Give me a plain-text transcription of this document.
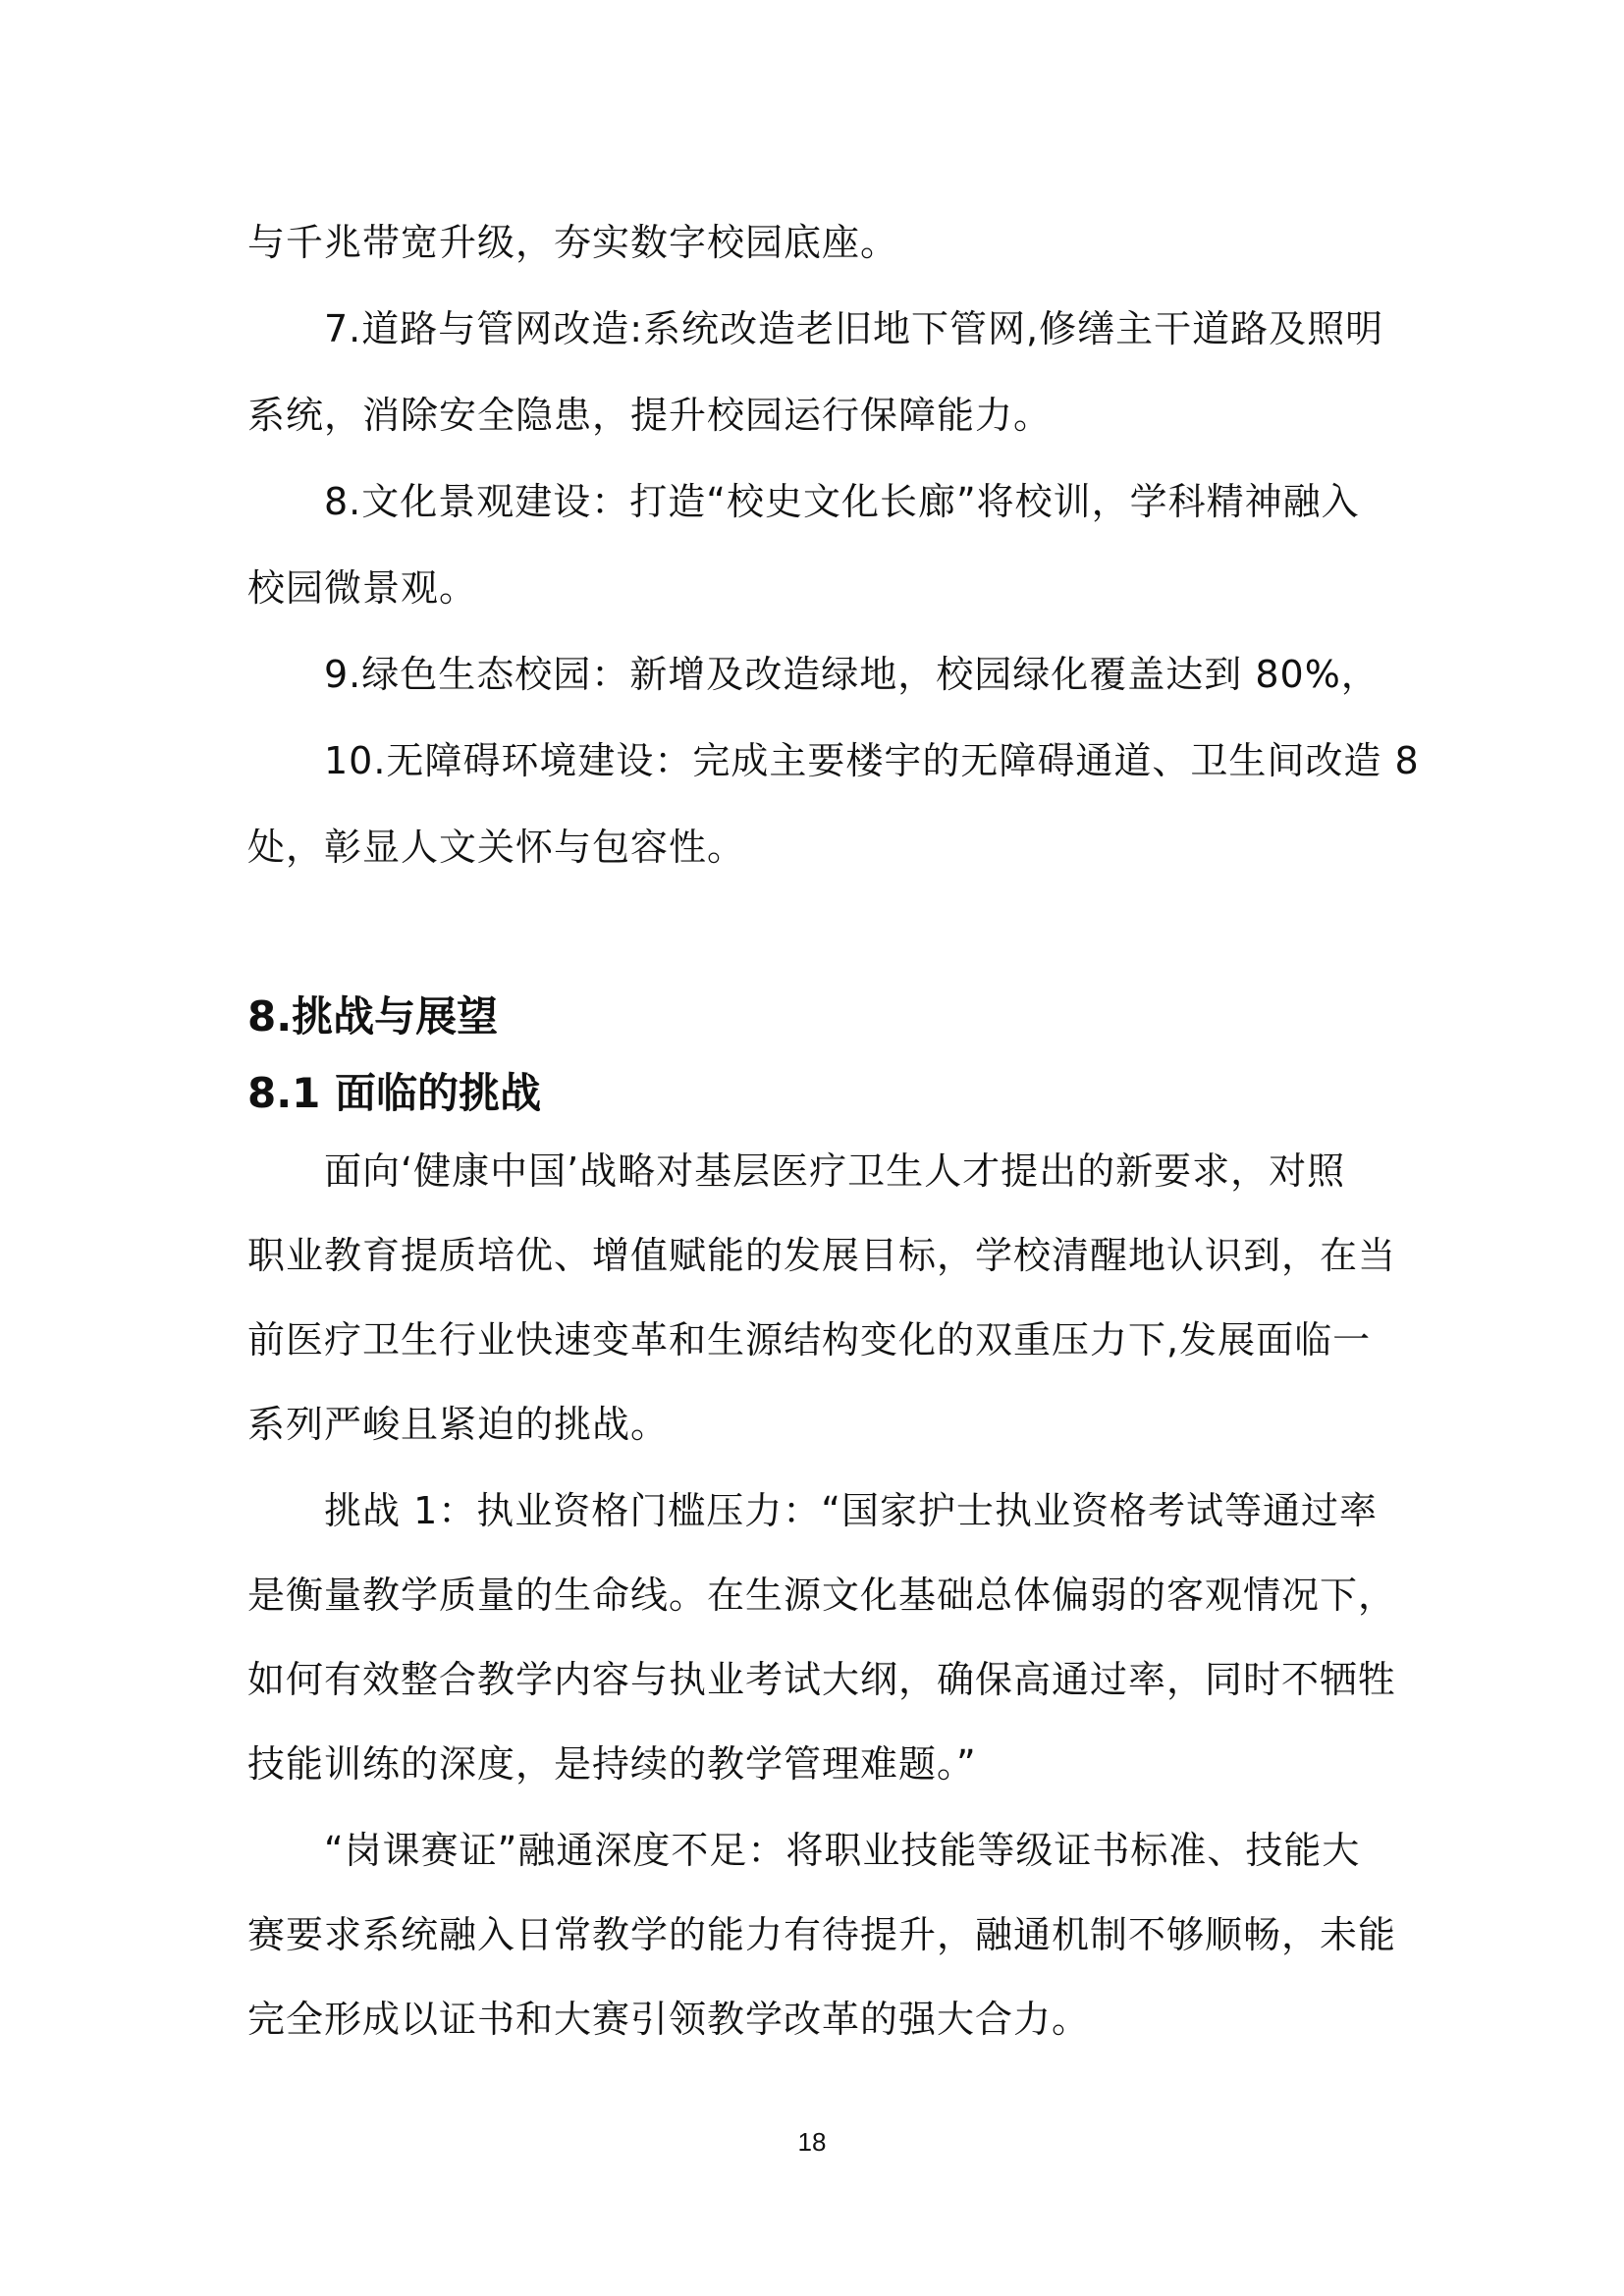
与千兆带宽升级，夯实数字校园底座。
7.道路与管网改造:系统改造老旧地下管网,修缮主干道路及照明
系统，消除安全隐患，提升校园运行保障能力。
8.文化景观建设：打造“校史文化长廊”将校训，学科精神融入
校园微景观。
9.绿色生态校园：新增及改造绿地，校园绿化覆盖达到 80%，
10.无障碍环境建设：完成主要楼宇的无障碍通道、卫生间改造 8
处，彰显人文关怀与包容性。
8.挑战与展望
8.1 面临的挑战
面向‘健康中国’战略对基层医疗卫生人才提出的新要求，对照
职业教育提质培优、增值赋能的发展目标，学校清醒地认识到，在当
前医疗卫生行业快速变革和生源结构变化的双重压力下,发展面临一
系列严峻且紧迫的挑战。
挑战 1：执业资格门槛压力：“国家护士执业资格考试等通过率
是衡量教学质量的生命线。在生源文化基础总体偏弱的客观情况下，
如何有效整合教学内容与执业考试大纲，确保高通过率，同时不牺牲
技能训练的深度，是持续的教学管理难题。”
“岗课赛证”融通深度不足：将职业技能等级证书标准、技能大
赛要求系统融入日常教学的能力有待提升，融通机制不够顺畅，未能
完全形成以证书和大赛引领教学改革的强大合力。
18
